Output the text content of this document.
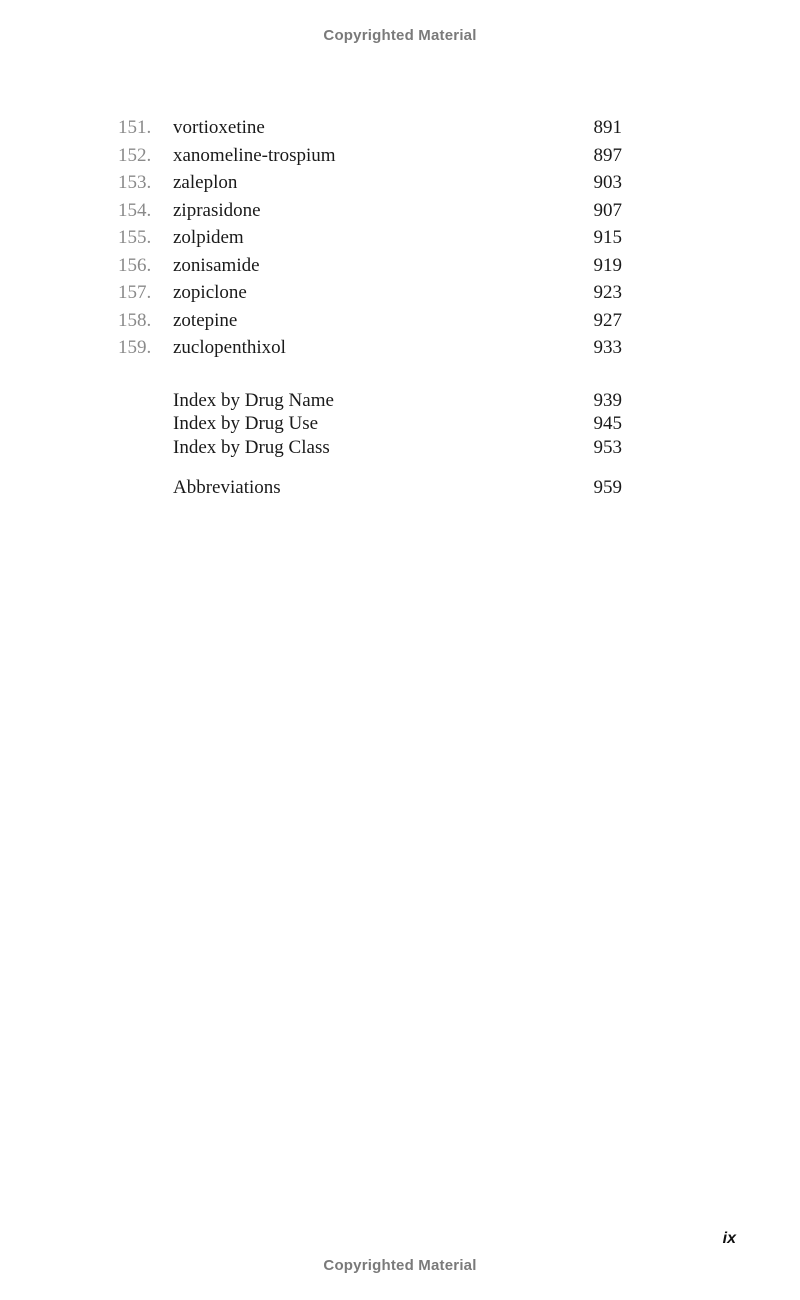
Copyrighted Material
151. vortioxetine	891
152. xanomeline-trospium	897
153. zaleplon	903
154. ziprasidone	907
155. zolpidem	915
156. zonisamide	919
157. zopiclone	923
158. zotepine	927
159. zuclopenthixol	933
Index by Drug Name	939
Index by Drug Use	945
Index by Drug Class	953
Abbreviations	959
ix
Copyrighted Material
